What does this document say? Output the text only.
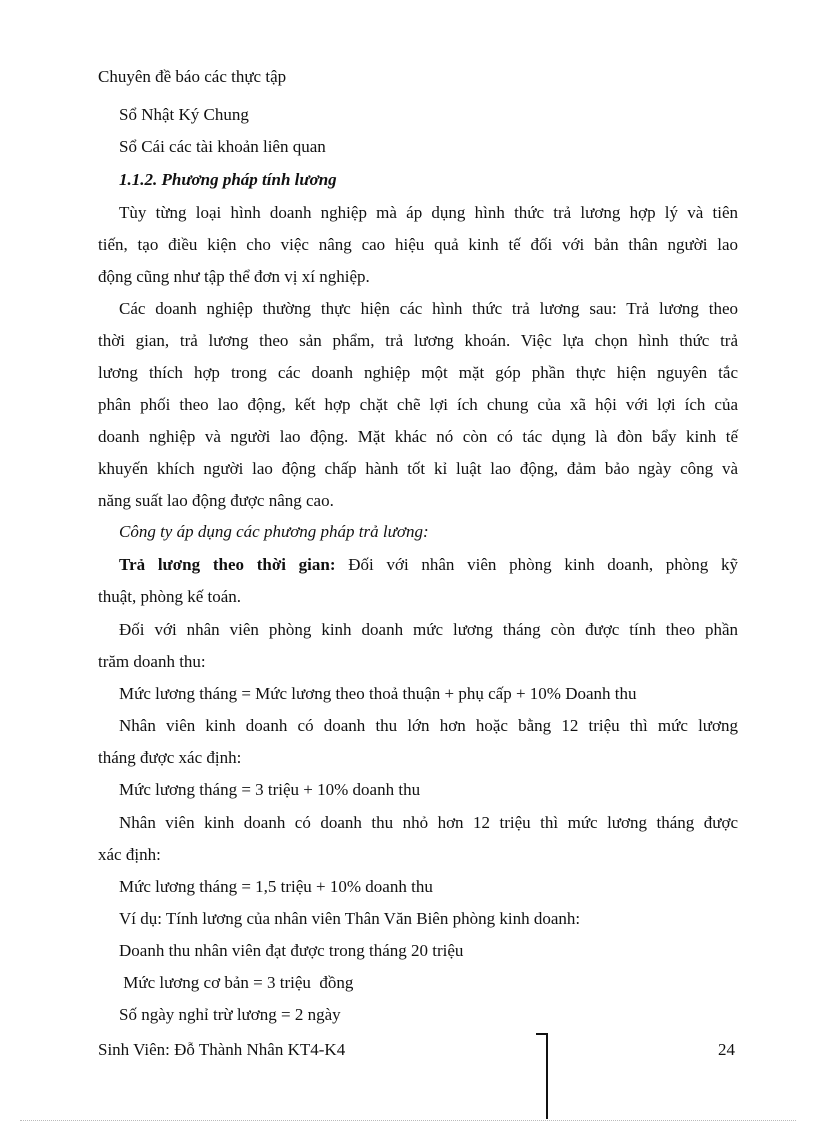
Chuyên đề báo các thực tập
Sổ Nhật Ký Chung
Sổ Cái các tài khoản liên quan
1.1.2. Phương pháp tính lương
Tùy từng loại hình doanh nghiệp mà áp dụng hình thức trả lương hợp lý và tiên
tiến, tạo điều kiện cho việc nâng cao hiệu quả kinh tế đối với bản thân người lao
động cũng như tập thể đơn vị xí nghiệp.
Các doanh nghiệp thường thực hiện các hình thức trả lương sau: Trả lương theo
thời gian, trả lương theo sản phẩm, trả lương khoán. Việc lựa chọn hình thức trả
lương thích hợp trong các doanh nghiệp một mặt góp phần thực hiện nguyên tắc
phân phối theo lao động, kết hợp chặt chẽ lợi ích chung của xã hội với lợi ích của
doanh nghiệp và người lao động. Mặt khác nó còn có tác dụng là đòn bẩy kinh tế
khuyến khích người lao động chấp hành tốt kỉ luật lao động, đảm bảo ngày công và
năng suất lao động được nâng cao.
Công ty áp dụng các phương pháp trả lương:
Trả lương theo thời gian: Đối với nhân viên phòng kinh doanh, phòng kỹ
thuật, phòng kế toán.
Đối với nhân viên phòng kinh doanh mức lương tháng còn được tính theo phần
trăm doanh thu:
Mức lương tháng = Mức lương theo thoả thuận + phụ cấp + 10% Doanh thu
Nhân viên kinh doanh có doanh thu lớn hơn hoặc bằng 12 triệu thì mức lương
tháng được xác định:
Mức lương tháng = 3 triệu + 10% doanh thu
Nhân viên kinh doanh có doanh thu nhỏ hơn 12 triệu thì mức lương tháng được
xác định:
Mức lương tháng = 1,5 triệu + 10% doanh thu
Ví dụ: Tính lương của nhân viên Thân Văn Biên phòng kinh doanh:
Doanh thu nhân viên đạt được trong tháng 20 triệu
Mức lương cơ bản = 3 triệu  đồng
Số ngày nghỉ trừ lương = 2 ngày
Sinh Viên: Đỗ Thành Nhân KT4-K4	24
